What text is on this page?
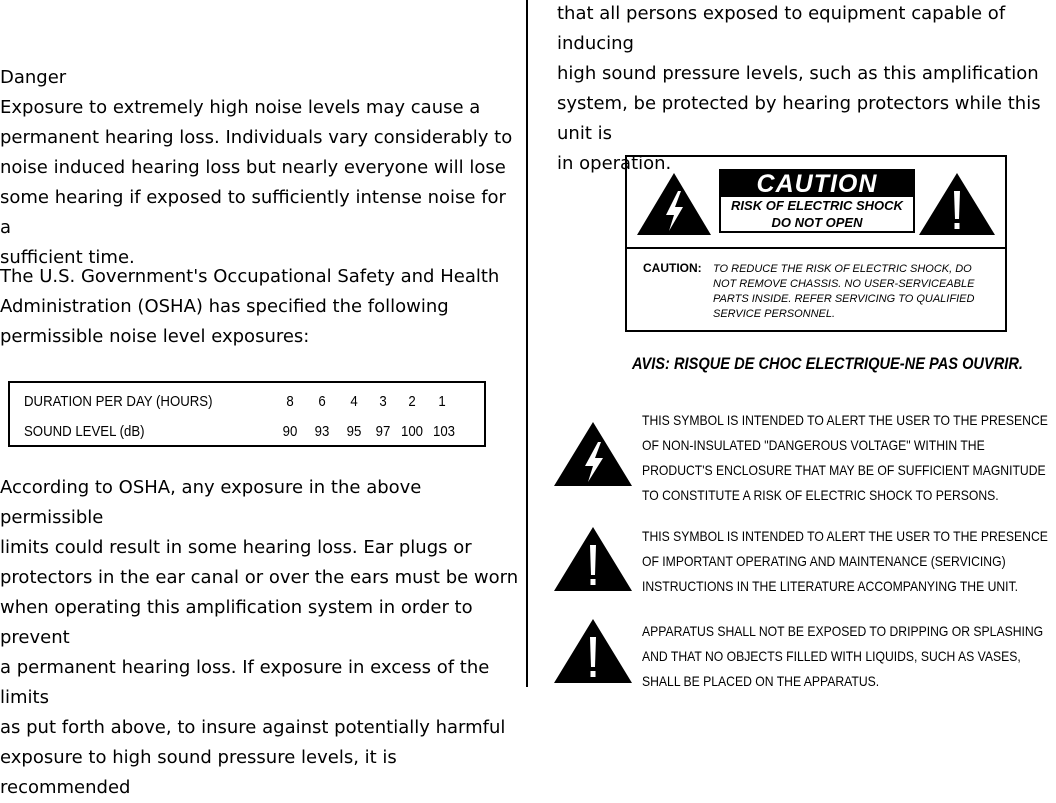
Danger

Exposure to extremely high noise levels may cause a

permanent hearing loss. Individuals vary considerably to

noise induced hearing loss but nearly everyone will lose

some hearing if exposed to sufficiently intense noise for a

sufficient time.

The U.S. Government's Occupational Safety and Health

Administration (OSHA) has specified the following

permissible noise level exposures:

DURATION PER DAY (HOURS)	8 6 4 3 2 1
SOUND LEVEL (dB)	90 93 95 97 100 103

According to OSHA, any exposure in the above permissible

limits could result in some hearing loss. Ear plugs or

protectors in the ear canal or over the ears must be worn

when operating this amplification system in order to prevent

a permanent hearing loss. If exposure in excess of the limits

as put forth above, to insure against potentially harmful

exposure to high sound pressure levels, it is recommended

that all persons exposed to equipment capable of inducing

high sound pressure levels, such as this amplification

system, be protected by hearing protectors while this unit is

in operation.

CAUTION
RISK OF ELECTRIC SHOCK
DO NOT OPEN
CAUTION: TO REDUCE THE RISK OF ELECTRIC SHOCK, DO
NOT REMOVE CHASSIS. NO USER-SERVICEABLE
PARTS INSIDE. REFER SERVICING TO QUALIFIED
SERVICE PERSONNEL.
AVIS: RISQUE DE CHOC ELECTRIQUE-NE PAS OUVRIR.
THIS SYMBOL IS INTENDED TO ALERT THE USER TO THE PRESENCE
OF NON-INSULATED "DANGEROUS VOLTAGE" WITHIN THE
PRODUCT'S ENCLOSURE THAT MAY BE OF SUFFICIENT MAGNITUDE
TO CONSTITUTE A RISK OF ELECTRIC SHOCK TO PERSONS.
THIS SYMBOL IS INTENDED TO ALERT THE USER TO THE PRESENCE
OF IMPORTANT OPERATING AND MAINTENANCE (SERVICING)
INSTRUCTIONS IN THE LITERATURE ACCOMPANYING THE UNIT.
APPARATUS SHALL NOT BE EXPOSED TO DRIPPING OR SPLASHING
AND THAT NO OBJECTS FILLED WITH LIQUIDS, SUCH AS VASES,
SHALL BE PLACED ON THE APPARATUS.
